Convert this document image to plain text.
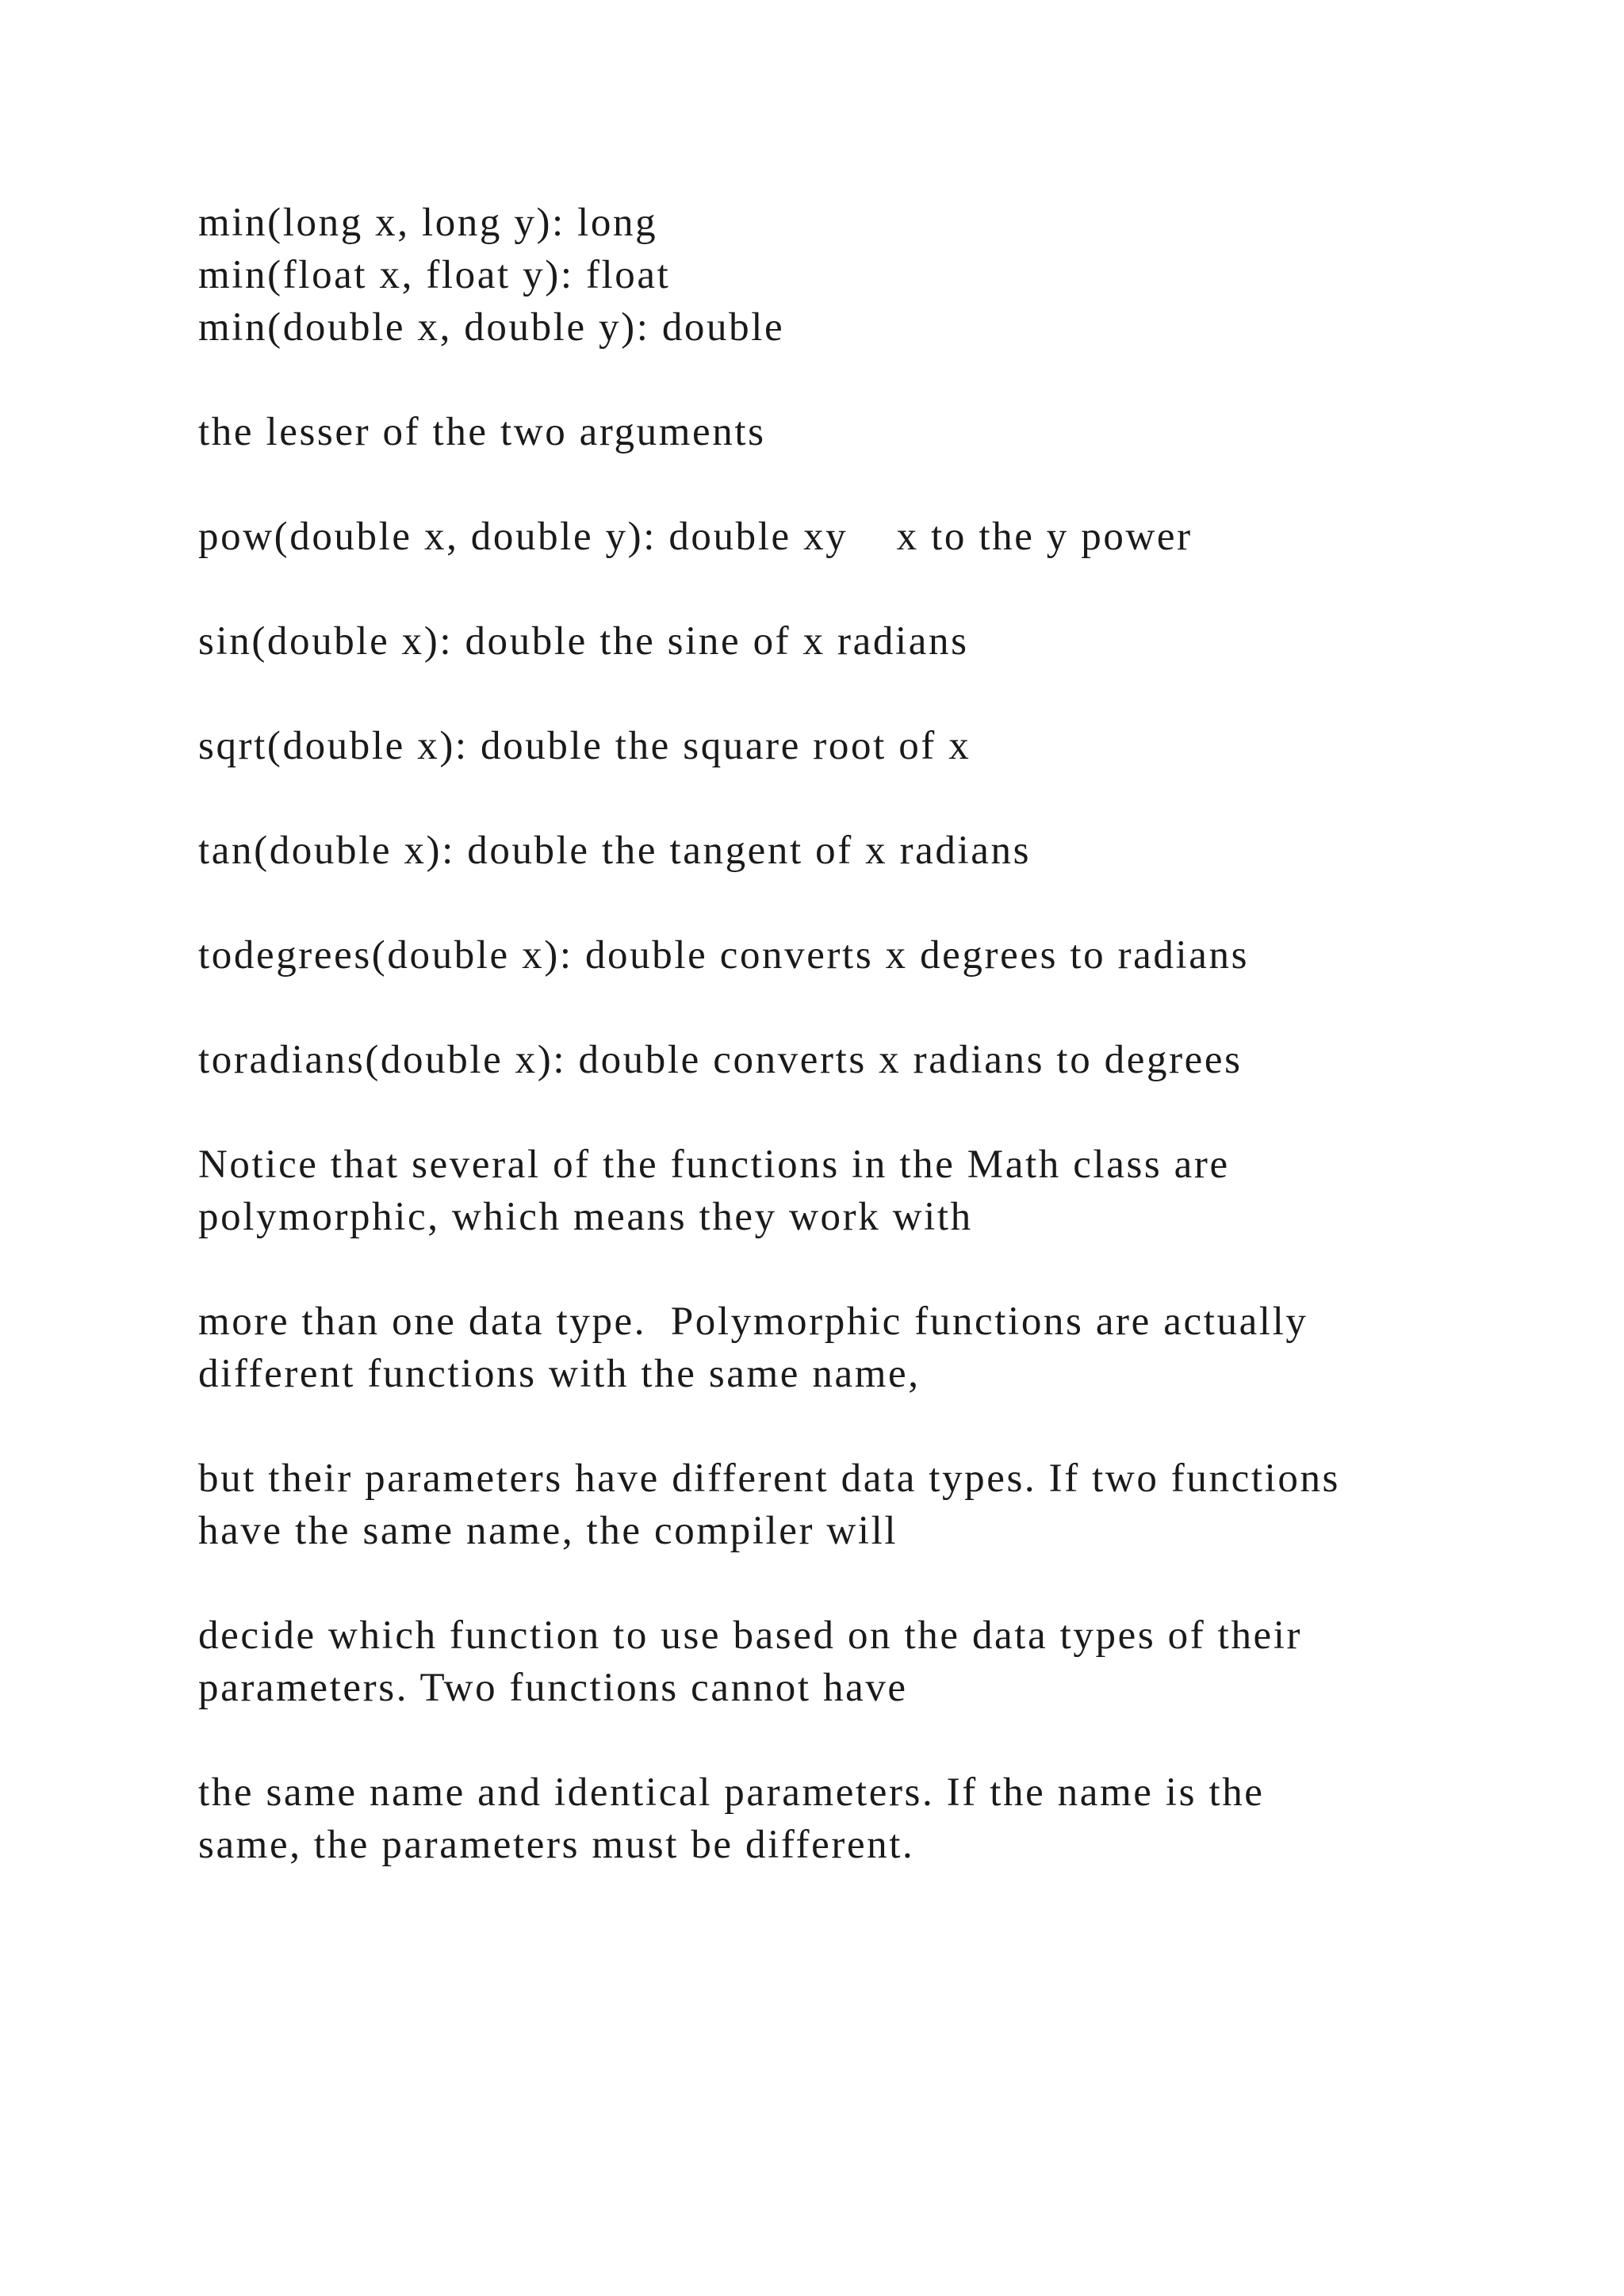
min(long x, long y): long
min(float x, float y): float
min(double x, double y): double
the lesser of the two arguments
pow(double x, double y): double xy    x to the y power
sin(double x): double the sine of x radians
sqrt(double x): double the square root of x
tan(double x): double the tangent of x radians
todegrees(double x): double converts x degrees to radians
toradians(double x): double converts x radians to degrees
Notice that several of the functions in the Math class are
polymorphic, which means they work with
more than one data type.  Polymorphic functions are actually
different functions with the same name,
but their parameters have different data types. If two functions
have the same name, the compiler will
decide which function to use based on the data types of their
parameters. Two functions cannot have
the same name and identical parameters. If the name is the
same, the parameters must be different.
